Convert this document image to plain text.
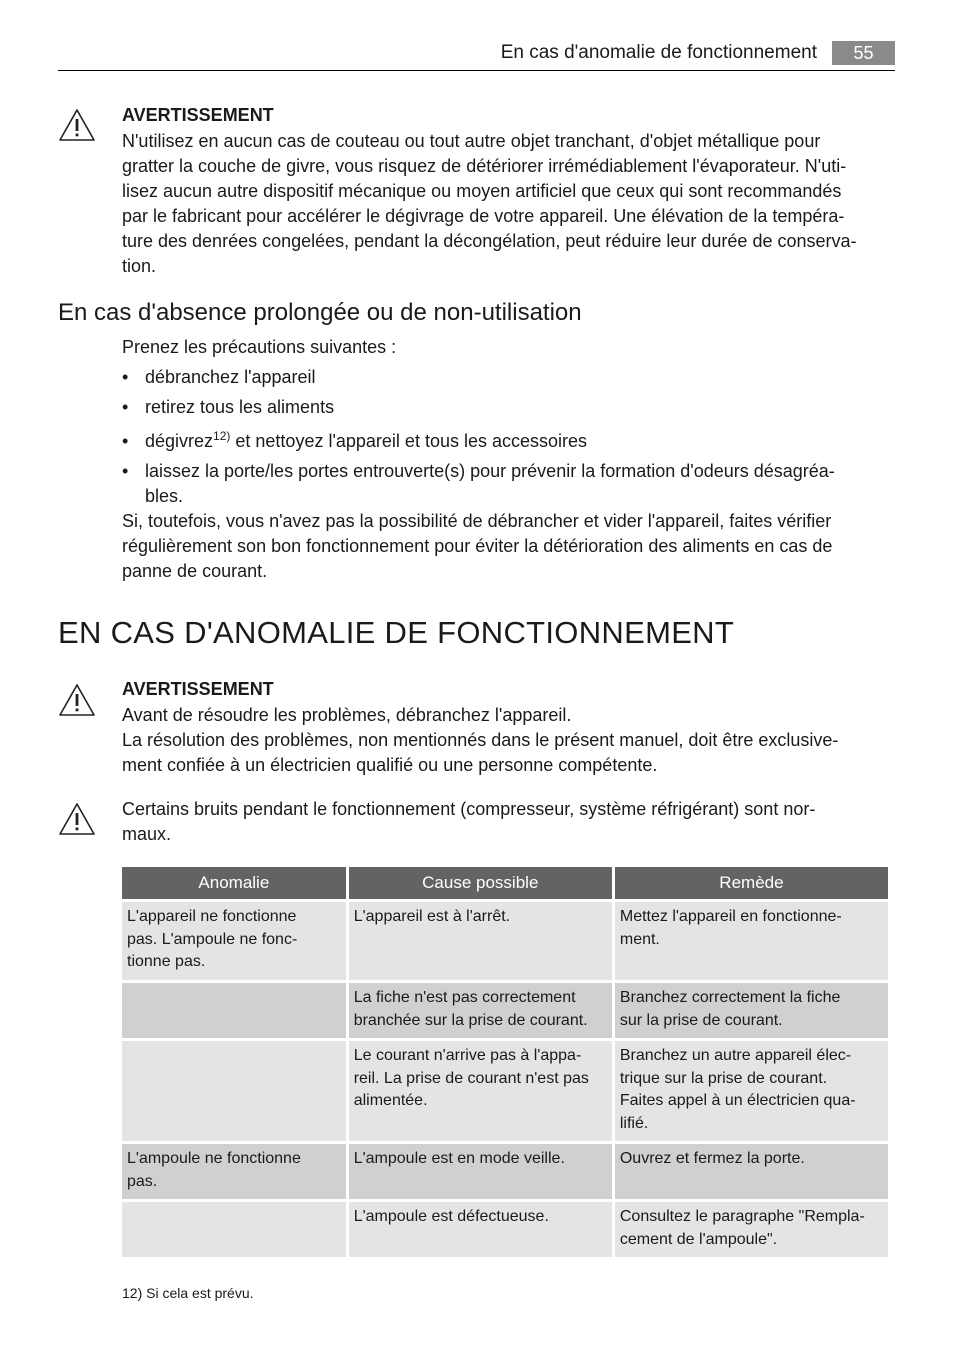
En cas d'anomalie de fonctionnement	55
AVERTISSEMENT
N'utilisez en aucun cas de couteau ou tout autre objet tranchant, d'objet métallique pour
gratter la couche de givre, vous risquez de détériorer irrémédiablement l'évaporateur. N'uti-
lisez aucun autre dispositif mécanique ou moyen artificiel que ceux qui sont recommandés
par le fabricant pour accélérer le dégivrage de votre appareil. Une élévation de la tempéra-
ture des denrées congelées, pendant la décongélation, peut réduire leur durée de conserva-
tion.
En cas d'absence prolongée ou de non-utilisation
Prenez les précautions suivantes :
• débranchez l'appareil
• retirez tous les aliments
• dégivrez$^{12)}$ et nettoyez l'appareil et tous les accessoires
• laissez la porte/les portes entrouverte(s) pour prévenir la formation d'odeurs désagréa-
bles.
Si, toutefois, vous n'avez pas la possibilité de débrancher et vider l'appareil, faites vérifier
régulièrement son bon fonctionnement pour éviter la détérioration des aliments en cas de
panne de courant.
EN CAS D'ANOMALIE DE FONCTIONNEMENT
AVERTISSEMENT
Avant de résoudre les problèmes, débranchez l'appareil.
La résolution des problèmes, non mentionnés dans le présent manuel, doit être exclusive-
ment confiée à un électricien qualifié ou une personne compétente.
Certains bruits pendant le fonctionnement (compresseur, système réfrigérant) sont nor-
maux.
Anomalie	Cause possible	Remède

L'appareil ne fonctionne
pas. L'ampoule ne fonc-
tionne pas.	L'appareil est à l'arrêt.	Mettez l'appareil en fonctionne-
ment.

	La fiche n'est pas correctement
branchée sur la prise de courant.	Branchez correctement la fiche
sur la prise de courant.

	Le courant n'arrive pas à l'appa-
reil. La prise de courant n'est pas
alimentée.	Branchez un autre appareil élec-
trique sur la prise de courant.
Faites appel à un électricien qua-
lifié.

L'ampoule ne fonctionne
pas.	L'ampoule est en mode veille.	Ouvrez et fermez la porte.

	L'ampoule est défectueuse.	Consultez le paragraphe "Rempla-
cement de l'ampoule".
12) Si cela est prévu.
